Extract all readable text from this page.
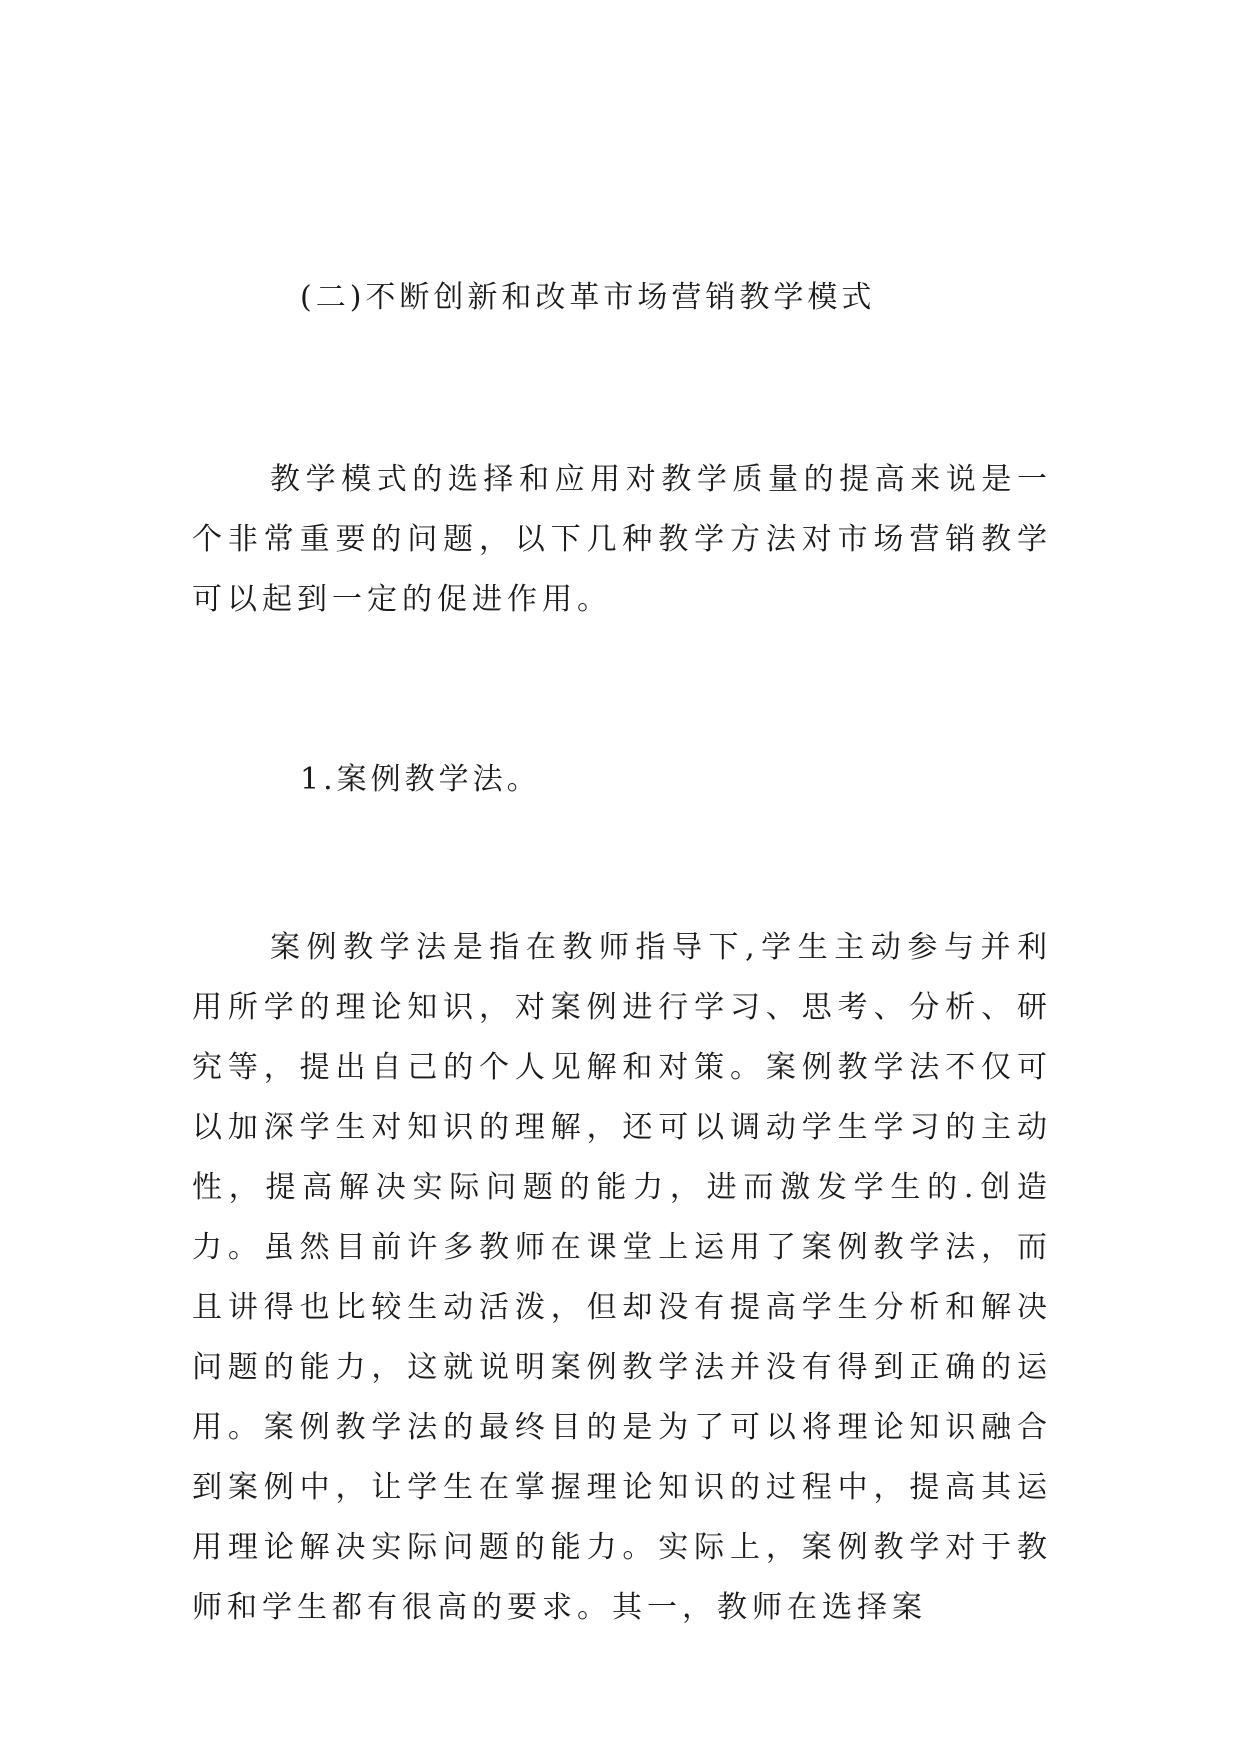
(二)不断创新和改革市场营销教学模式

教学模式的选择和应用对教学质量的提高来说是一个非常重要的问题，以下几种教学方法对市场营销教学可以起到一定的促进作用。

1.案例教学法。

案例教学法是指在教师指导下,学生主动参与并利用所学的理论知识，对案例进行学习、思考、分析、研究等，提出自己的个人见解和对策。案例教学法不仅可以加深学生对知识的理解，还可以调动学生学习的主动性，提高解决实际问题的能力，进而激发学生的.创造力。虽然目前许多教师在课堂上运用了案例教学法，而且讲得也比较生动活泼，但却没有提高学生分析和解决问题的能力，这就说明案例教学法并没有得到正确的运用。案例教学法的最终目的是为了可以将理论知识融合到案例中，让学生在掌握理论知识的过程中，提高其运用理论解决实际问题的能力。实际上，案例教学对于教师和学生都有很高的要求。其一，教师在选择案
